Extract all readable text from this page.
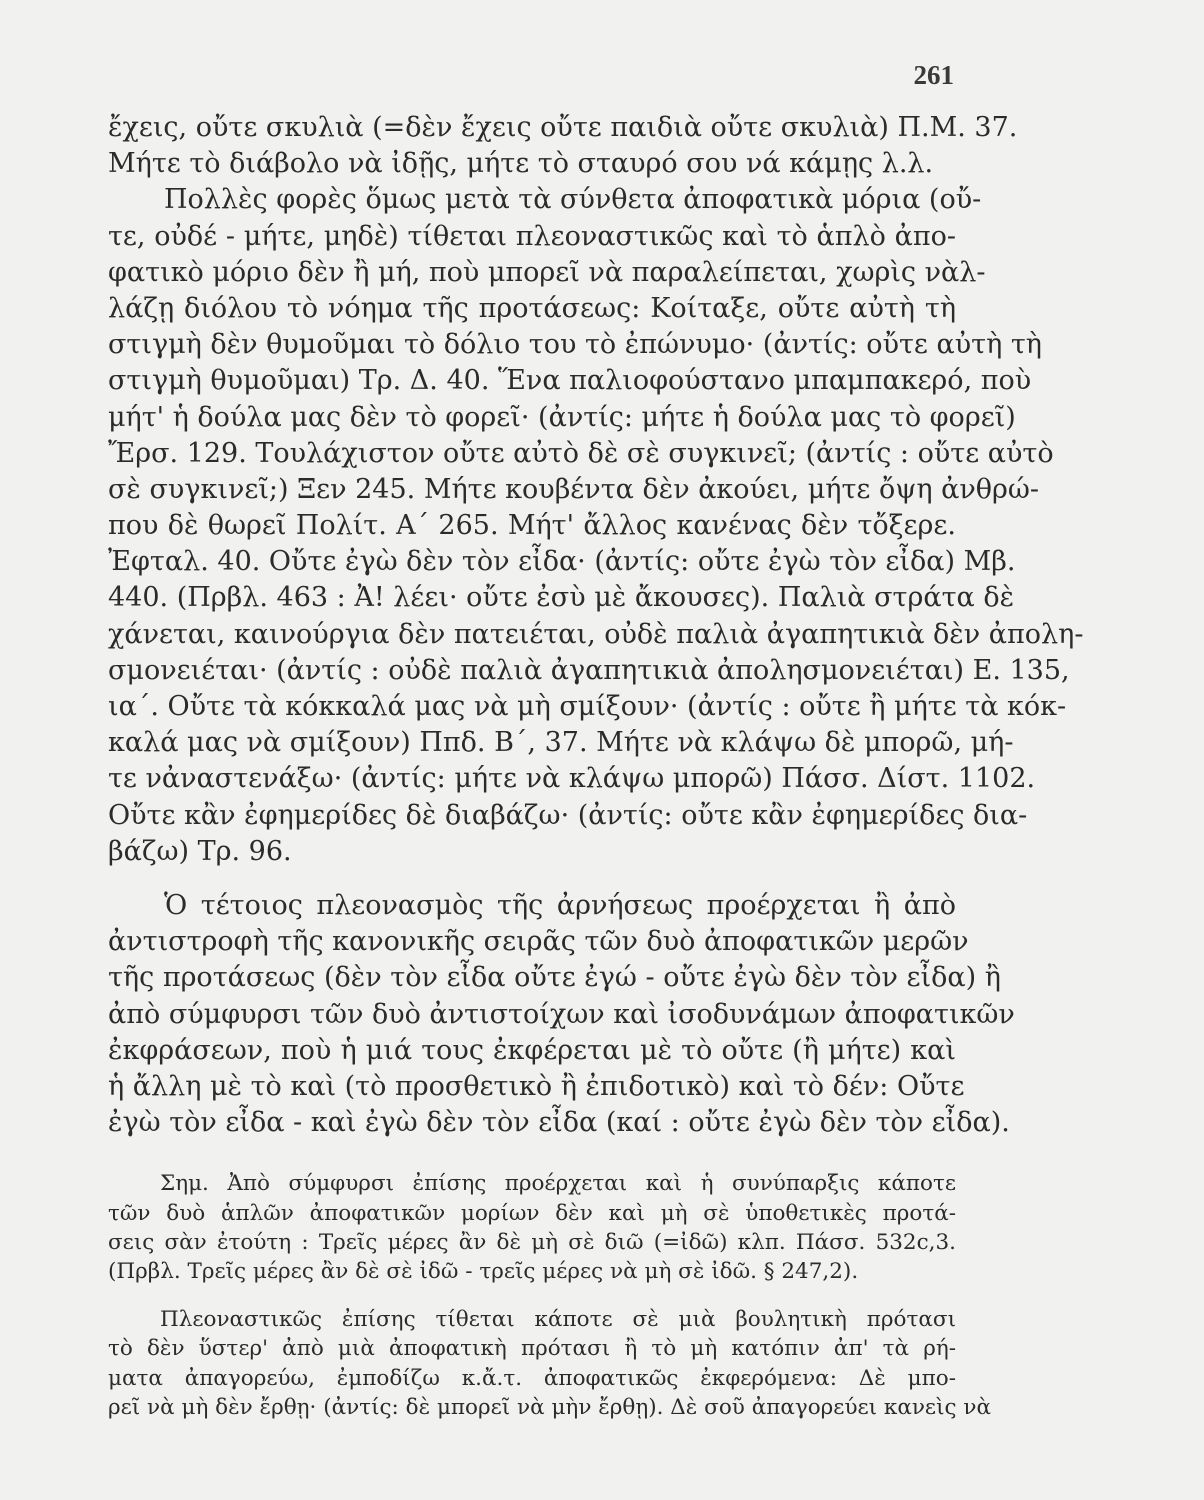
261
ἔχεις, οὔτε σκυλιὰ (=δὲν ἔχεις οὔτε παιδιὰ οὔτε σκυλιὰ) Π.Μ. 37.
Μήτε τὸ διάβολο νὰ ἰδῇς, μήτε τὸ σταυρό σου νά κάμῃς λ.λ.
Πολλὲς φορὲς ὅμως μετὰ τὰ σύνθετα ἀποφατικὰ μόρια (οὔ-
τε, οὐδέ - μήτε, μηδὲ) τίθεται πλεοναστικῶς καὶ τὸ ἁπλὸ ἀπο-
φατικὸ μόριο δὲν ἢ μή, ποὺ μπορεῖ νὰ παραλείπεται, χωρὶς νὰλ-
λάζῃ διόλου τὸ νόημα τῆς προτάσεως: Κοίταξε, οὔτε αὐτὴ τὴ
στιγμὴ δὲν θυμοῦμαι τὸ δόλιο του τὸ ἐπώνυμο· (ἀντίς: οὔτε αὐτὴ τὴ
στιγμὴ θυμοῦμαι) Τρ. Δ. 40. Ἕνα παλιοφούστανο μπαμπακερό, ποὺ
μήτ' ἡ δούλα μας δὲν τὸ φορεῖ· (ἀντίς: μήτε ἡ δούλα μας τὸ φορεῖ)
Ἔρσ. 129. Τουλάχιστον οὔτε αὐτὸ δὲ σὲ συγκινεῖ; (ἀντίς : οὔτε αὐτὸ
σὲ συγκινεῖ;) Ξεν 245. Μήτε κουβέντα δὲν ἀκούει, μήτε ὄψη ἀνθρώ-
που δὲ θωρεῖ Πολίτ. Α΄ 265. Μήτ' ἄλλος κανένας δὲν τὄξερε.
Ἐφταλ. 40. Οὔτε ἐγὼ δὲν τὸν εἶδα· (ἀντίς: οὔτε ἐγὼ τὸν εἶδα) Μβ.
440. (Πρβλ. 463 : Ἀ! λέει· οὔτε ἐσὺ μὲ ἄκουσες). Παλιὰ στράτα δὲ
χάνεται, καινούργια δὲν πατειέται, οὐδὲ παλιὰ ἀγαπητικιὰ δὲν ἀπολη-
σμονειέται· (ἀντίς : οὐδὲ παλιὰ ἀγαπητικιὰ ἀπολησμονειέται) Ε. 135,
ια΄. Οὔτε τὰ κόκκαλά μας νὰ μὴ σμίξουν· (ἀντίς : οὔτε ἢ μήτε τὰ κόκ-
καλά μας νὰ σμίξουν) Ππδ. Β΄, 37. Μήτε νὰ κλάψω δὲ μπορῶ, μή-
τε νἀναστενάξω· (ἀντίς: μήτε νὰ κλάψω μπορῶ) Πάσσ. Δίστ. 1102.
Οὔτε κἂν ἐφημερίδες δὲ διαβάζω· (ἀντίς: οὔτε κἂν ἐφημερίδες δια-
βάζω) Τρ. 96.
Ὁ τέτοιος πλεονασμὸς τῆς ἀρνήσεως προέρχεται ἢ ἀπὸ
ἀντιστροφὴ τῆς κανονικῆς σειρᾶς τῶν δυὸ ἀποφατικῶν μερῶν
τῆς προτάσεως (δὲν τὸν εἶδα οὔτε ἐγώ - οὔτε ἐγὼ δὲν τὸν εἶδα) ἢ
ἀπὸ σύμφυρσι τῶν δυὸ ἀντιστοίχων καὶ ἰσοδυνάμων ἀποφατικῶν
ἐκφράσεων, ποὺ ἡ μιά τους ἐκφέρεται μὲ τὸ οὔτε (ἢ μήτε) καὶ
ἡ ἄλλη μὲ τὸ καὶ (τὸ προσθετικὸ ἢ ἐπιδοτικὸ) καὶ τὸ δέν: Οὔτε
ἐγὼ τὸν εἶδα - καὶ ἐγὼ δὲν τὸν εἶδα (καί : οὔτε ἐγὼ δὲν τὸν εἶδα).
Σημ. Ἀπὸ σύμφυρσι ἐπίσης προέρχεται καὶ ἡ συνύπαρξις κάποτε
τῶν δυὸ ἁπλῶν ἀποφατικῶν μορίων δὲν καὶ μὴ σὲ ὑποθετικὲς προτά-
σεις σὰν ἐτούτη : Τρεῖς μέρες ἂν δὲ μὴ σὲ διῶ (=ἰδῶ) κλπ. Πάσσ. 532c,3.
(Πρβλ. Τρεῖς μέρες ἂν δὲ σὲ ἰδῶ - τρεῖς μέρες νὰ μὴ σὲ ἰδῶ. § 247,2).
Πλεοναστικῶς ἐπίσης τίθεται κάποτε σὲ μιὰ βουλητικὴ πρότασι
τὸ δὲν ὕστερ' ἀπὸ μιὰ ἀποφατικὴ πρότασι ἢ τὸ μὴ κατόπιν ἀπ' τὰ ρή-
ματα ἀπαγορεύω, ἐμποδίζω κ.ἄ.τ. ἀποφατικῶς ἐκφερόμενα: Δὲ μπο-
ρεῖ νὰ μὴ δὲν ἔρθῃ· (ἀντίς: δὲ μπορεῖ νὰ μὴν ἔρθῃ). Δὲ σοῦ ἀπαγορεύει κανεὶς νὰ
